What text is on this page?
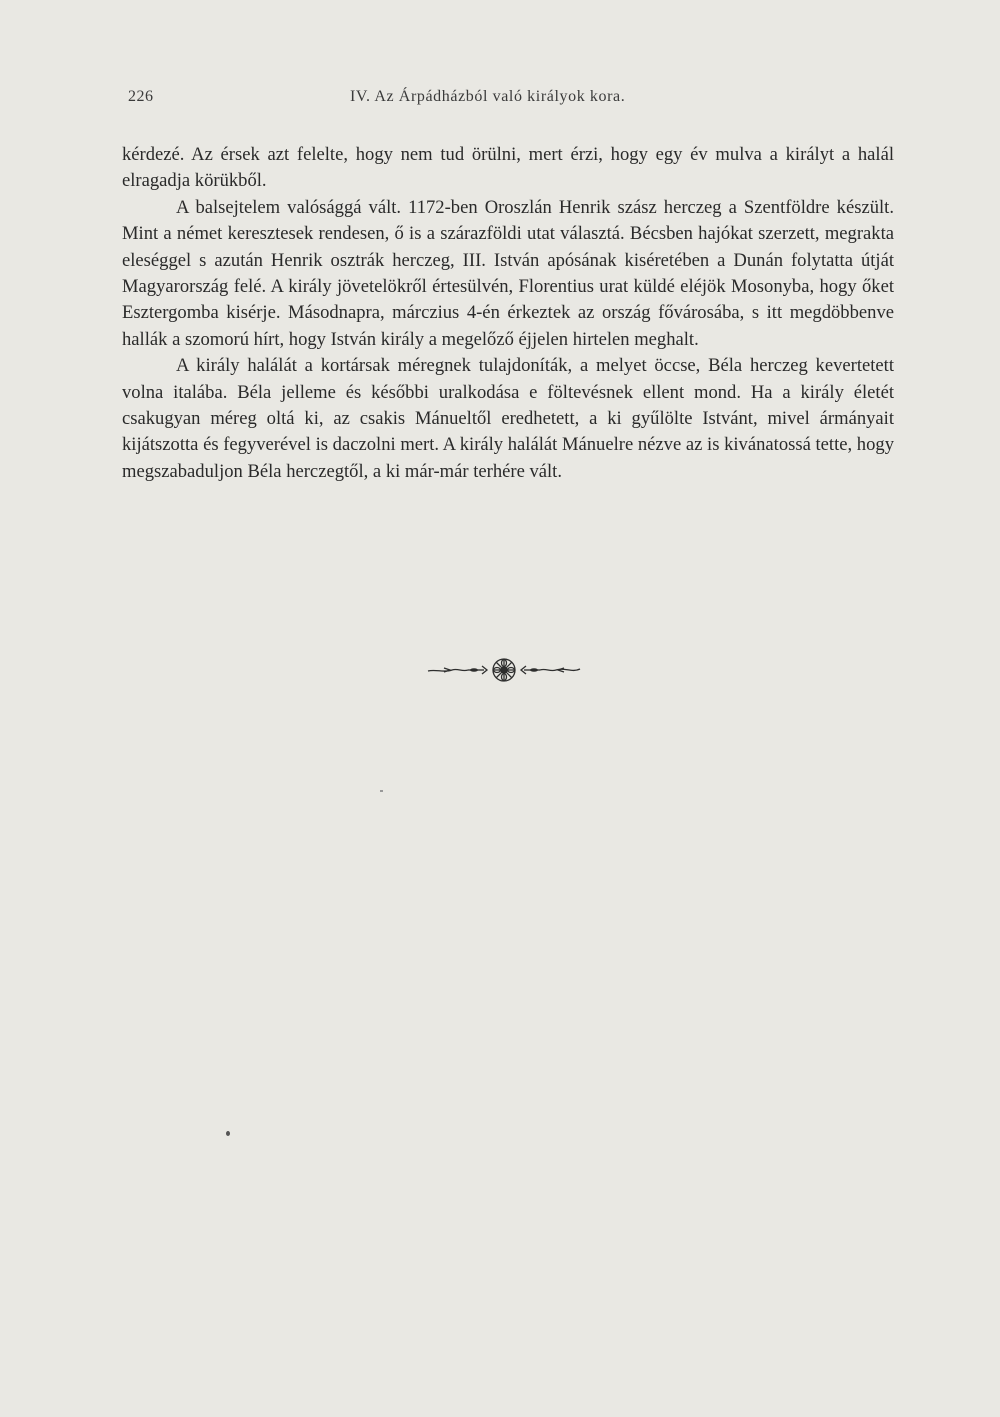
226	IV. Az Árpádházból való királyok kora.

kérdezé. Az érsek azt felelte, hogy nem tud örülni, mert érzi, hogy egy év mulva a királyt a halál elragadja körükből.

A balsejtelem valósággá vált. 1172-ben Oroszlán Henrik szász herczeg a Szentföldre készült. Mint a német keresztesek rendesen, ő is a szárazföldi utat választá. Bécsben hajókat szerzett, megrakta eleséggel s azután Henrik osztrák herczeg, III. István apósának kiséretében a Dunán folytatta útját Magyarország felé. A király jövetelökről értesülvén, Florentius urat küldé eléjök Mosonyba, hogy őket Esztergomba kisérje. Másodnapra, márczius 4-én érkeztek az ország fővárosába, s itt megdöbbenve hallák a szomorú hírt, hogy István király a megelőző éjjelen hirtelen meghalt.

A király halálát a kortársak méregnek tulajdoníták, a melyet öccse, Béla herczeg kevertetett volna italába. Béla jelleme és későbbi uralkodása e föltevésnek ellent mond. Ha a király életét csakugyan méreg oltá ki, az csakis Mánueltől eredhetett, a ki gyűlölte Istvánt, mivel ármányait kijátszotta és fegyverével is daczolni mert. A király halálát Mánuelre nézve az is kivánatossá tette, hogy megszabaduljon Béla herczegtől, a ki már-már terhére vált.
